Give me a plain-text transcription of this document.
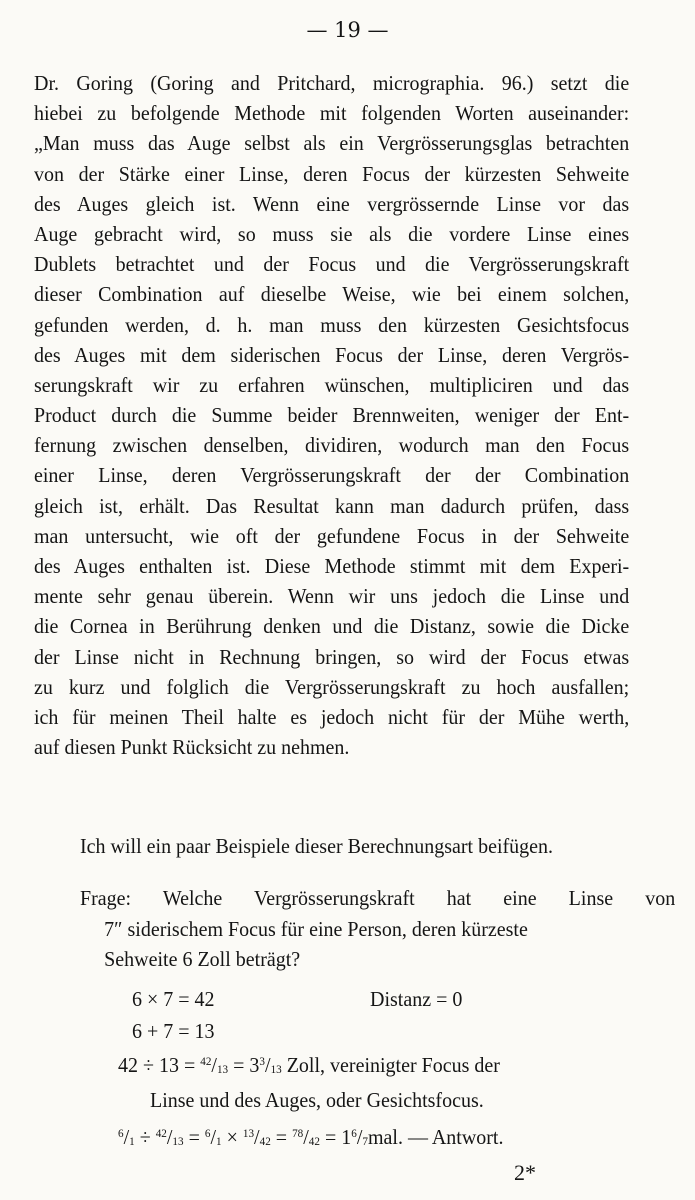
— 19 —
Dr. Goring (Goring and Pritchard, micrographia. 96.) setzt die
hiebei zu befolgende Methode mit folgenden Worten auseinander:
„Man muss das Auge selbst als ein Vergrösserungsglas betrachten
von der Stärke einer Linse, deren Focus der kürzesten Sehweite
des Auges gleich ist. Wenn eine vergrössernde Linse vor das
Auge gebracht wird, so muss sie als die vordere Linse eines
Dublets betrachtet und der Focus und die Vergrösserungskraft
dieser Combination auf dieselbe Weise, wie bei einem solchen,
gefunden werden, d. h. man muss den kürzesten Gesichtsfocus
des Auges mit dem siderischen Focus der Linse, deren Vergrös-
serungskraft wir zu erfahren wünschen, multipliciren und das
Product durch die Summe beider Brennweiten, weniger der Ent-
fernung zwischen denselben, dividiren, wodurch man den Focus
einer Linse, deren Vergrösserungskraft der der Combination
gleich ist, erhält. Das Resultat kann man dadurch prüfen, dass
man untersucht, wie oft der gefundene Focus in der Sehweite
des Auges enthalten ist. Diese Methode stimmt mit dem Experi-
mente sehr genau überein. Wenn wir uns jedoch die Linse und
die Cornea in Berührung denken und die Distanz, sowie die Dicke
der Linse nicht in Rechnung bringen, so wird der Focus etwas
zu kurz und folglich die Vergrösserungskraft zu hoch ausfallen;
ich für meinen Theil halte es jedoch nicht für der Mühe werth,
auf diesen Punkt Rücksicht zu nehmen.
Ich will ein paar Beispiele dieser Berechnungsart beifügen.
Frage: Welche Vergrösserungskraft hat eine Linse von
7″ siderischem Focus für eine Person, deren kürzeste
Sehweite 6 Zoll beträgt?
6 × 7 = 42	Distanz = 0
6 + 7 = 13
$42 \div 13 = ^{42}/_{13} = 3^3/_{13}$ Zoll, vereinigter Focus der
Linse und des Auges, oder Gesichtsfocus.
$^6/_1 \div ^{42}/_{13} = ^6/_1 \times ^{13}/_{42} = ^{78}/_{42} = 1^6/_7mal$. — Antwort.
2*
